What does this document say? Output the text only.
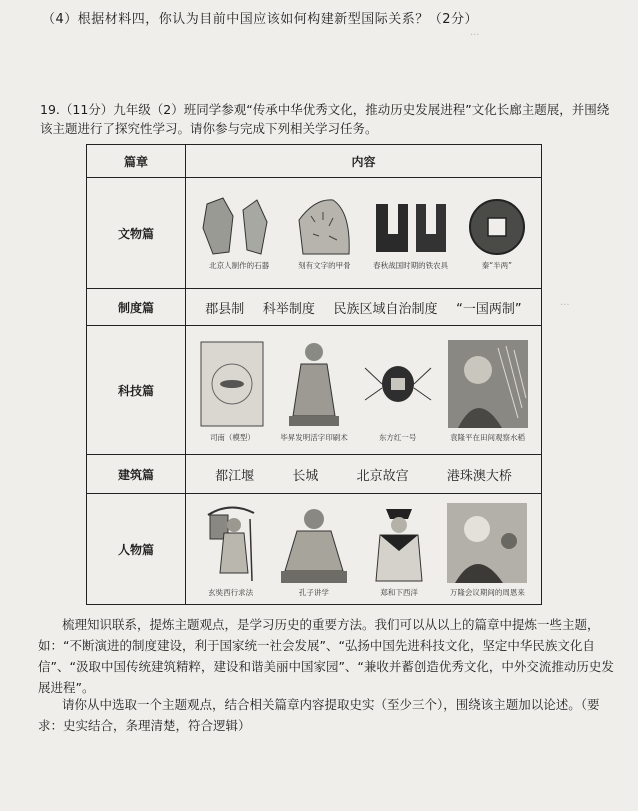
···
···
（4）根据材料四，你认为目前中国应该如何构建新型国际关系？（2分）
19.（11分）九年级（2）班同学参观“传承中华优秀文化，推动历史发展进程”文化长廊主题展，并围绕该主题进行了探究性学习。请你参与完成下列相关学习任务。
篇章	内容
文物篇	北京人制作的石器 刻有文字的甲骨 春秋战国时期的铁农具 秦“半两”

制度篇	郡县制 科举制度 民族区域自治制度 “一国两制”

科技篇	司南（模型） 毕昇发明活字印刷术 东方红一号 袁隆平在田间观察水稻

建筑篇	都江堰 长城 北京故宫 港珠澳大桥

人物篇	玄奘西行求法 孔子讲学 郑和下西洋 万隆会议期间的周恩来
梳理知识联系，提炼主题观点，是学习历史的重要方法。我们可以从以上的篇章中提炼一些主题，如：“不断演进的制度建设，利于国家统一社会发展”、“弘扬中国先进科技文化，坚定中华民族文化自信”、“汲取中国传统建筑精粹，建设和谐美丽中国家园”、“兼收并蓄创造优秀文化，中外交流推动历史发展进程”。
请你从中选取一个主题观点，结合相关篇章内容提取史实（至少三个），围绕该主题加以论述。（要求：史实结合，条理清楚，符合逻辑）
